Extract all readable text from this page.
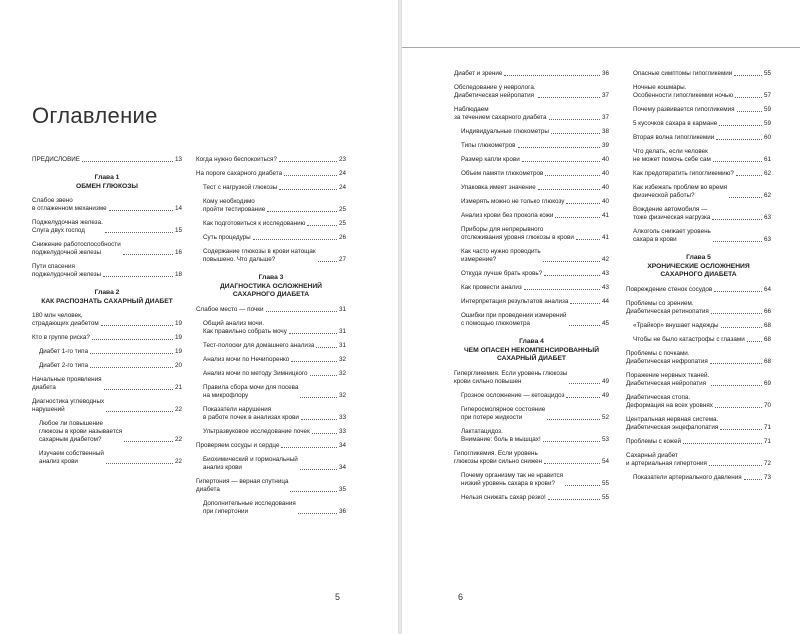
Оглавление
ПРЕДИСЛОВИЕ	13
Глава 1
ОБМЕН ГЛЮКОЗЫ
Слабое звено
в отлаженном механизме	14
Поджелудочная железа.
Слуга двух господ	15
Снижение работоспособности
поджелудочной железы	16
Пути спасения
поджелудочной железы	18
Глава 2
КАК РАСПОЗНАТЬ САХАРНЫЙ ДИАБЕТ
180 млн человек,
страдающих диабетом	19
Кто в группе риска?	19
Диабет 1-го типа	19
Диабет 2-го типа	20
Начальные проявления
диабета	21
Диагностика углеводных
нарушений	22
Любое ли повышение
глюкозы в крови называется
сахарным диабетом?	22
Изучаем собственный
анализ крови	22
Когда нужно беспокоиться?	23
На пороге сахарного диабета	24
Тест с нагрузкой глюкозы	24
Кому необходимо
пройти тестирование	25
Как подготовиться к исследованию	25
Суть процедуры	26
Содержание глюкозы в крови натощак
повышено. Что дальше?	27
Глава 3
ДИАГНОСТИКА ОСЛОЖНЕНИЙ
САХАРНОГО ДИАБЕТА
Слабое место — почки	31
Общий анализ мочи.
Как правильно собрать мочу	31
Тест-полоски для домашнего анализа	31
Анализ мочи по Нечипоренко	32
Анализ мочи по методу Зимницкого	32
Правила сбора мочи для посева
на микрофлору	32
Показатели нарушения
в работе почек в анализах крови	33
Ультразвуковое исследование почек	33
Проверяем сосуды и сердце	34
Биохимический и гормональный
анализ крови	34
Гипертония — верная спутница
диабета	35
Дополнительные исследования
при гипертонии	36
5
Диабет и зрение	36
Обследование у невролога.
Диабетическая нейропатия	37
Наблюдаем
за течением сахарного диабета	37
Индивидуальные глюкометры	38
Типы глюкометров	39
Размер капли крови	40
Объем памяти глюкометров	40
Упаковка имеет значение	40
Измерять можно не только глюкозу	40
Анализ крови без прокола кожи	41
Приборы для непрерывного
отслеживания уровня глюкозы в крови	41
Как часто нужно проводить
измерение?	42
Откуда лучше брать кровь?	43
Как провести анализ	43
Интерпретация результатов анализа	44
Ошибки при проведении измерений
с помощью глюкометра	45
Глава 4
ЧЕМ ОПАСЕН НЕКОМПЕНСИРОВАННЫЙ
САХАРНЫЙ ДИАБЕТ
Гипергликемия. Если уровень глюкозы
крови сильно повышен	49
Грозное осложнение — кетоацидоз	49
Гиперосмолярное состояние
при потере жидкости	52
Лактатацидоз.
Внимание: боль в мышцах!	53
Гипогликемия. Если уровень
глюкозы крови сильно снижен	54
Почему организму так не нравится
низкий уровень сахара в крови?	55
Нельзя снижать сахар резко!	55
Опасные симптомы гипогликемии	55
Ночные кошмары.
Особенности гипогликемии ночью	57
Почему развивается гипогликемия	59
5 кусочков сахара в кармане	59
Вторая волна гипогликемии	60
Что делать, если человек
не может помочь себе сам	61
Как предотвратить гипогликемию?	62
Как избежать проблем во время
физической работы?	62
Вождение автомобиля —
тоже физическая нагрузка	63
Алкоголь снижает уровень
сахара в крови	63
Глава 5
ХРОНИЧЕСКИЕ ОСЛОЖНЕНИЯ
САХАРНОГО ДИАБЕТА
Повреждение стенок сосудов	64
Проблемы со зрением.
Диабетическая ретинопатия	66
«Трайкор» внушает надежды	68
Чтобы не было катастрофы с глазами	68
Проблемы с почками.
Диабетическая нефропатия	68
Поражение нервных тканей.
Диабетическая нейропатия	69
Диабетическая стопа.
Деформация на всех уровнях	70
Центральная нервная система.
Диабетическая энцефалопатия	71
Проблемы с кожей	71
Сахарный диабет
и артериальная гипертония	72
Показатели артериального давления	73
6
